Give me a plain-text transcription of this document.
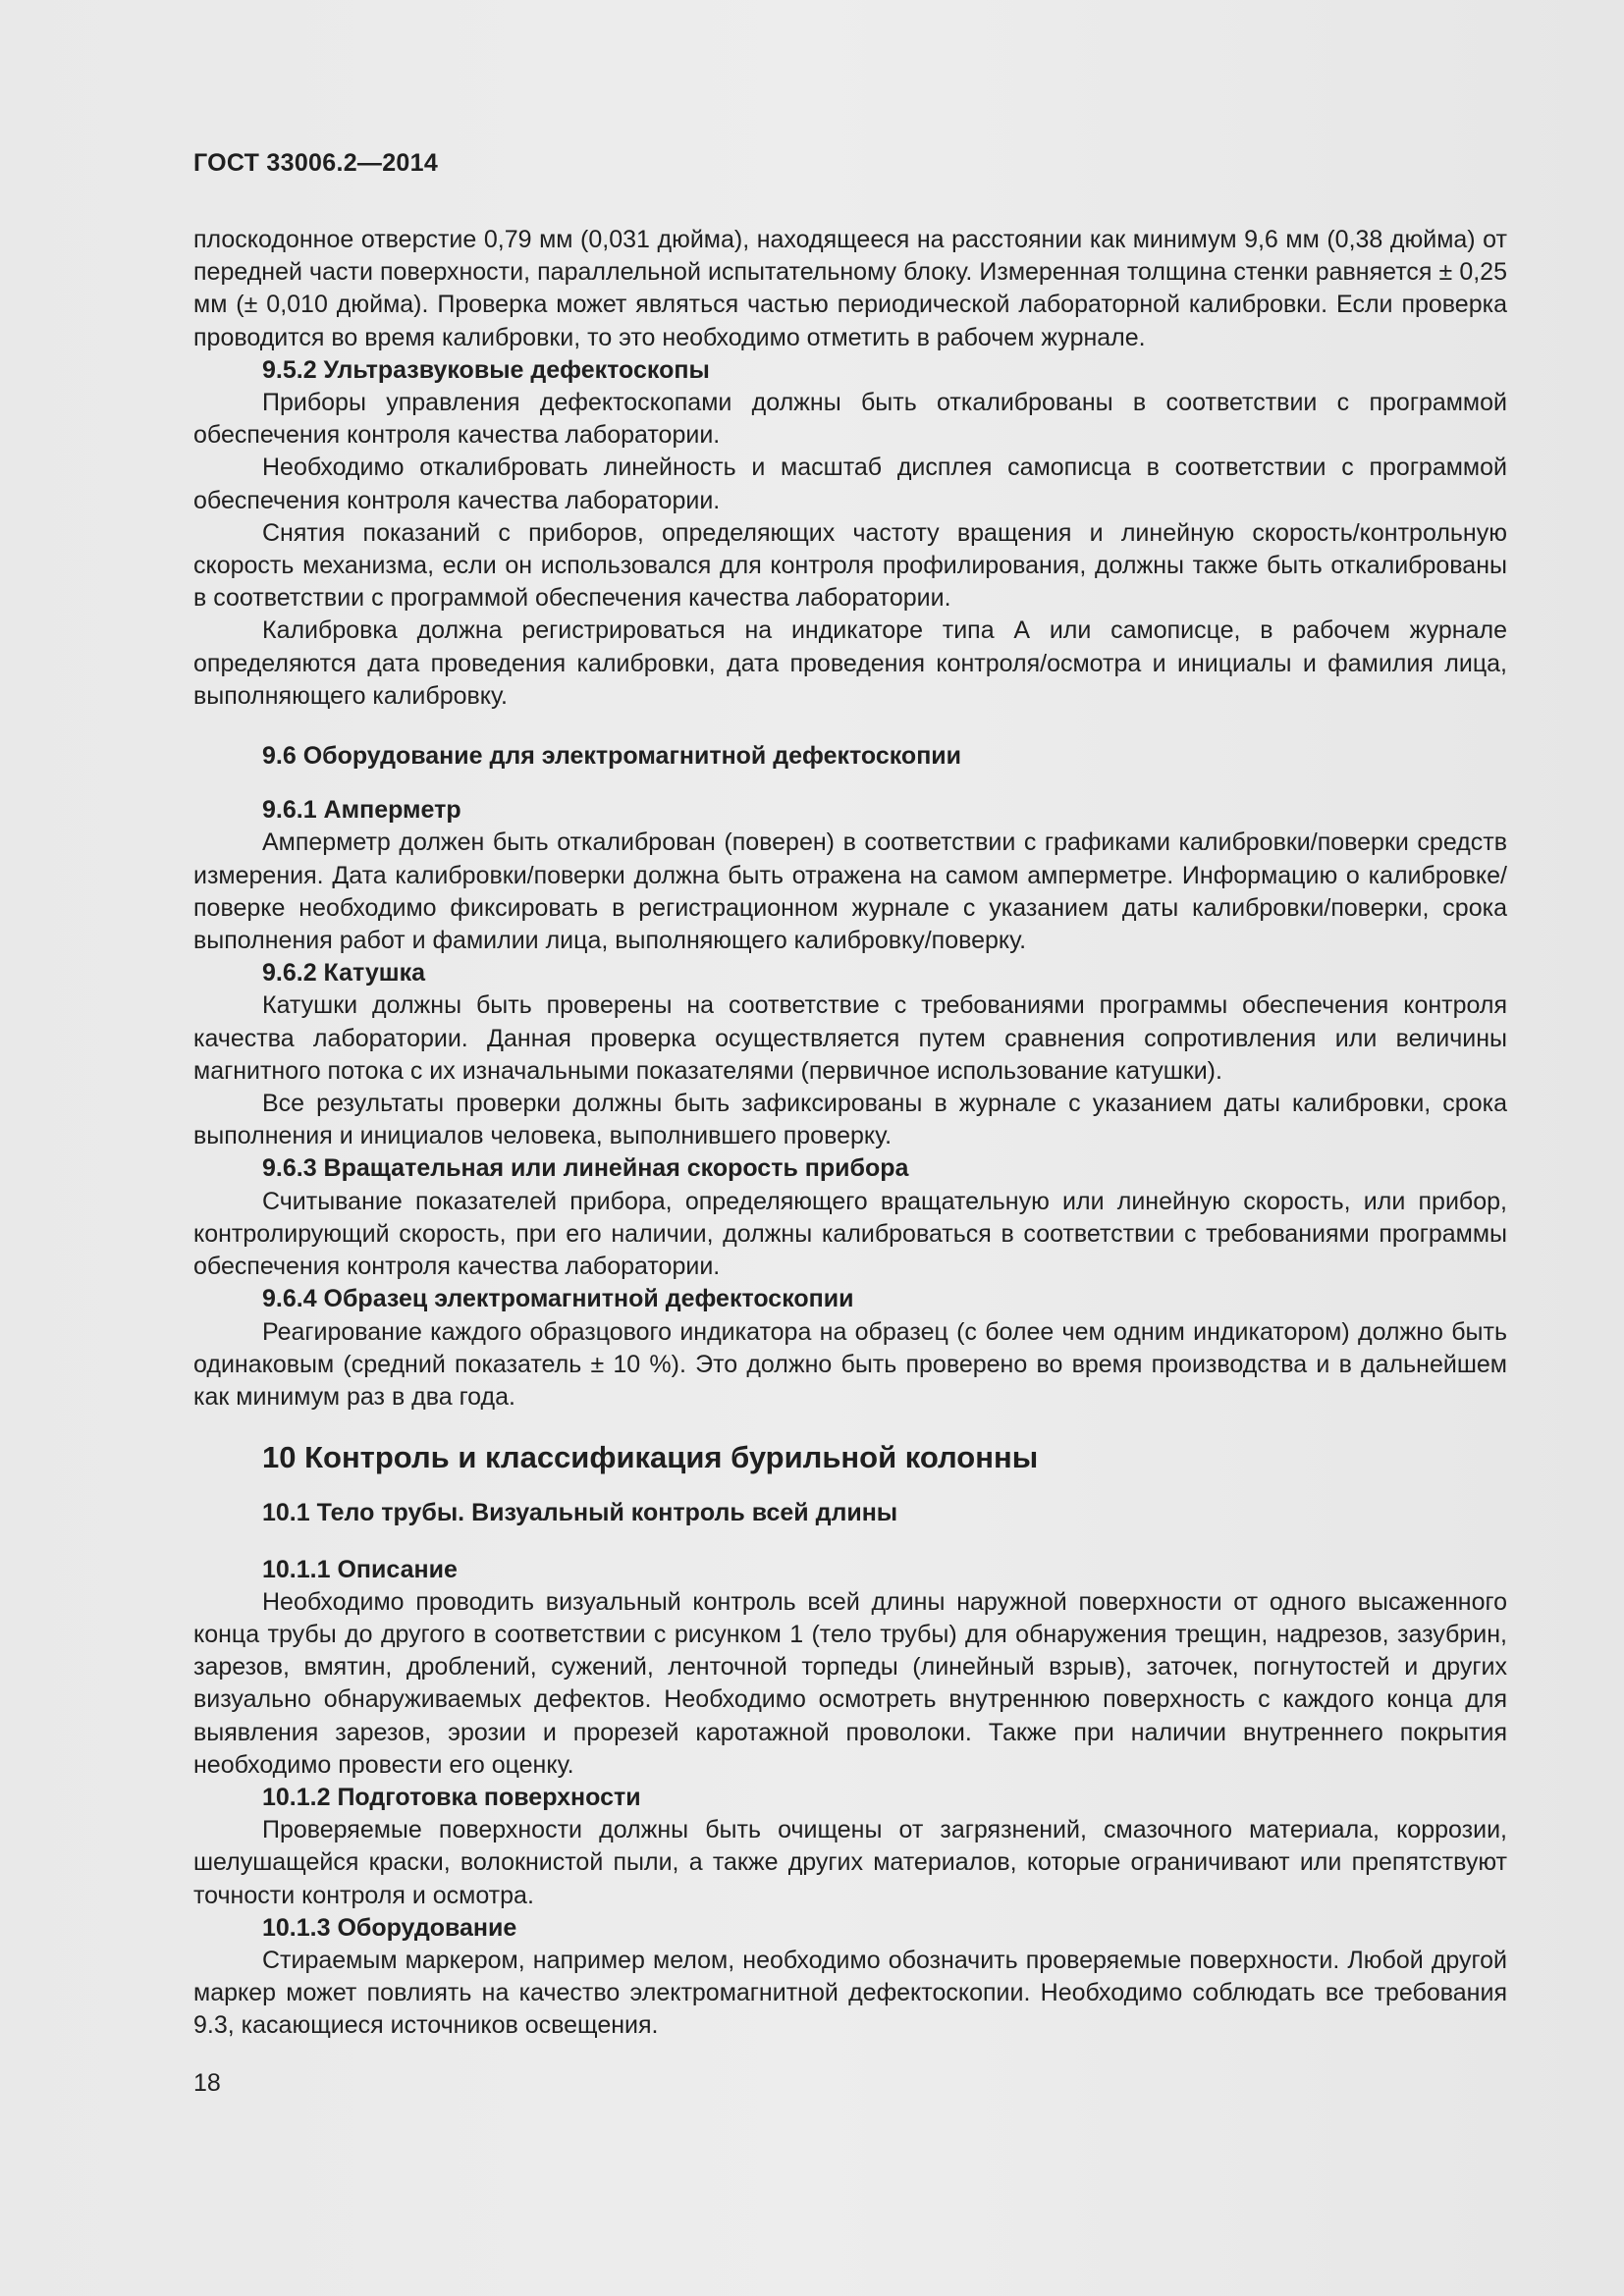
ГОСТ 33006.2—2014

плоскодонное отверстие 0,79 мм (0,031 дюйма), находящееся на расстоянии как минимум 9,6 мм (0,38 дюйма) от передней части поверхности, параллельной испытательному блоку. Измеренная толщина стенки равняется ± 0,25 мм (± 0,010 дюйма). Проверка может являться частью периодической лабораторной калибровки. Если проверка проводится во время калибровки, то это необходимо отметить в рабочем журнале.

9.5.2 Ультразвуковые дефектоскопы

Приборы управления дефектоскопами должны быть откалиброваны в соответствии с программой обеспечения контроля качества лаборатории.

Необходимо откалибровать линейность и масштаб дисплея самописца в соответствии с программой обеспечения контроля качества лаборатории.

Снятия показаний с приборов, определяющих частоту вращения и линейную скорость/контрольную скорость механизма, если он использовался для контроля профилирования, должны также быть откалиброваны в соответствии с программой обеспечения качества лаборатории.

Калибровка должна регистрироваться на индикаторе типа А или самописце, в рабочем журнале определяются дата проведения калибровки, дата проведения контроля/осмотра и инициалы и фамилия лица, выполняющего калибровку.

9.6 Оборудование для электромагнитной дефектоскопии
9.6.1 Амперметр

Амперметр должен быть откалиброван (поверен) в соответствии с графиками калибровки/поверки средств измерения. Дата калибровки/поверки должна быть отражена на самом амперметре. Информацию о калибровке/поверке необходимо фиксировать в регистрационном журнале с указанием даты калибровки/поверки, срока выполнения работ и фамилии лица, выполняющего калибровку/поверку.

9.6.2 Катушка

Катушки должны быть проверены на соответствие с требованиями программы обеспечения контроля качества лаборатории. Данная проверка осуществляется путем сравнения сопротивления или величины магнитного потока с их изначальными показателями (первичное использование катушки).

Все результаты проверки должны быть зафиксированы в журнале с указанием даты калибровки, срока выполнения и инициалов человека, выполнившего проверку.

9.6.3 Вращательная или линейная скорость прибора

Считывание показателей прибора, определяющего вращательную или линейную скорость, или прибор, контролирующий скорость, при его наличии, должны калиброваться в соответствии с требованиями программы обеспечения контроля качества лаборатории.

9.6.4 Образец электромагнитной дефектоскопии

Реагирование каждого образцового индикатора на образец (с более чем одним индикатором) должно быть одинаковым (средний показатель ± 10 %). Это должно быть проверено во время производства и в дальнейшем как минимум раз в два года.

10 Контроль и классификация бурильной колонны
10.1 Тело трубы. Визуальный контроль всей длины
10.1.1 Описание

Необходимо проводить визуальный контроль всей длины наружной поверхности от одного высаженного конца трубы до другого в соответствии с рисунком 1 (тело трубы) для обнаружения трещин, надрезов, зазубрин, зарезов, вмятин, дроблений, сужений, ленточной торпеды (линейный взрыв), заточек, погнутостей и других визуально обнаруживаемых дефектов. Необходимо осмотреть внутреннюю поверхность с каждого конца для выявления зарезов, эрозии и прорезей каротажной проволоки. Также при наличии внутреннего покрытия необходимо провести его оценку.

10.1.2 Подготовка поверхности

Проверяемые поверхности должны быть очищены от загрязнений, смазочного материала, коррозии, шелушащейся краски, волокнистой пыли, а также других материалов, которые ограничивают или препятствуют точности контроля и осмотра.

10.1.3 Оборудование

Стираемым маркером, например мелом, необходимо обозначить проверяемые поверхности. Любой другой маркер может повлиять на качество электромагнитной дефектоскопии. Необходимо соблюдать все требования 9.3, касающиеся источников освещения.

18
